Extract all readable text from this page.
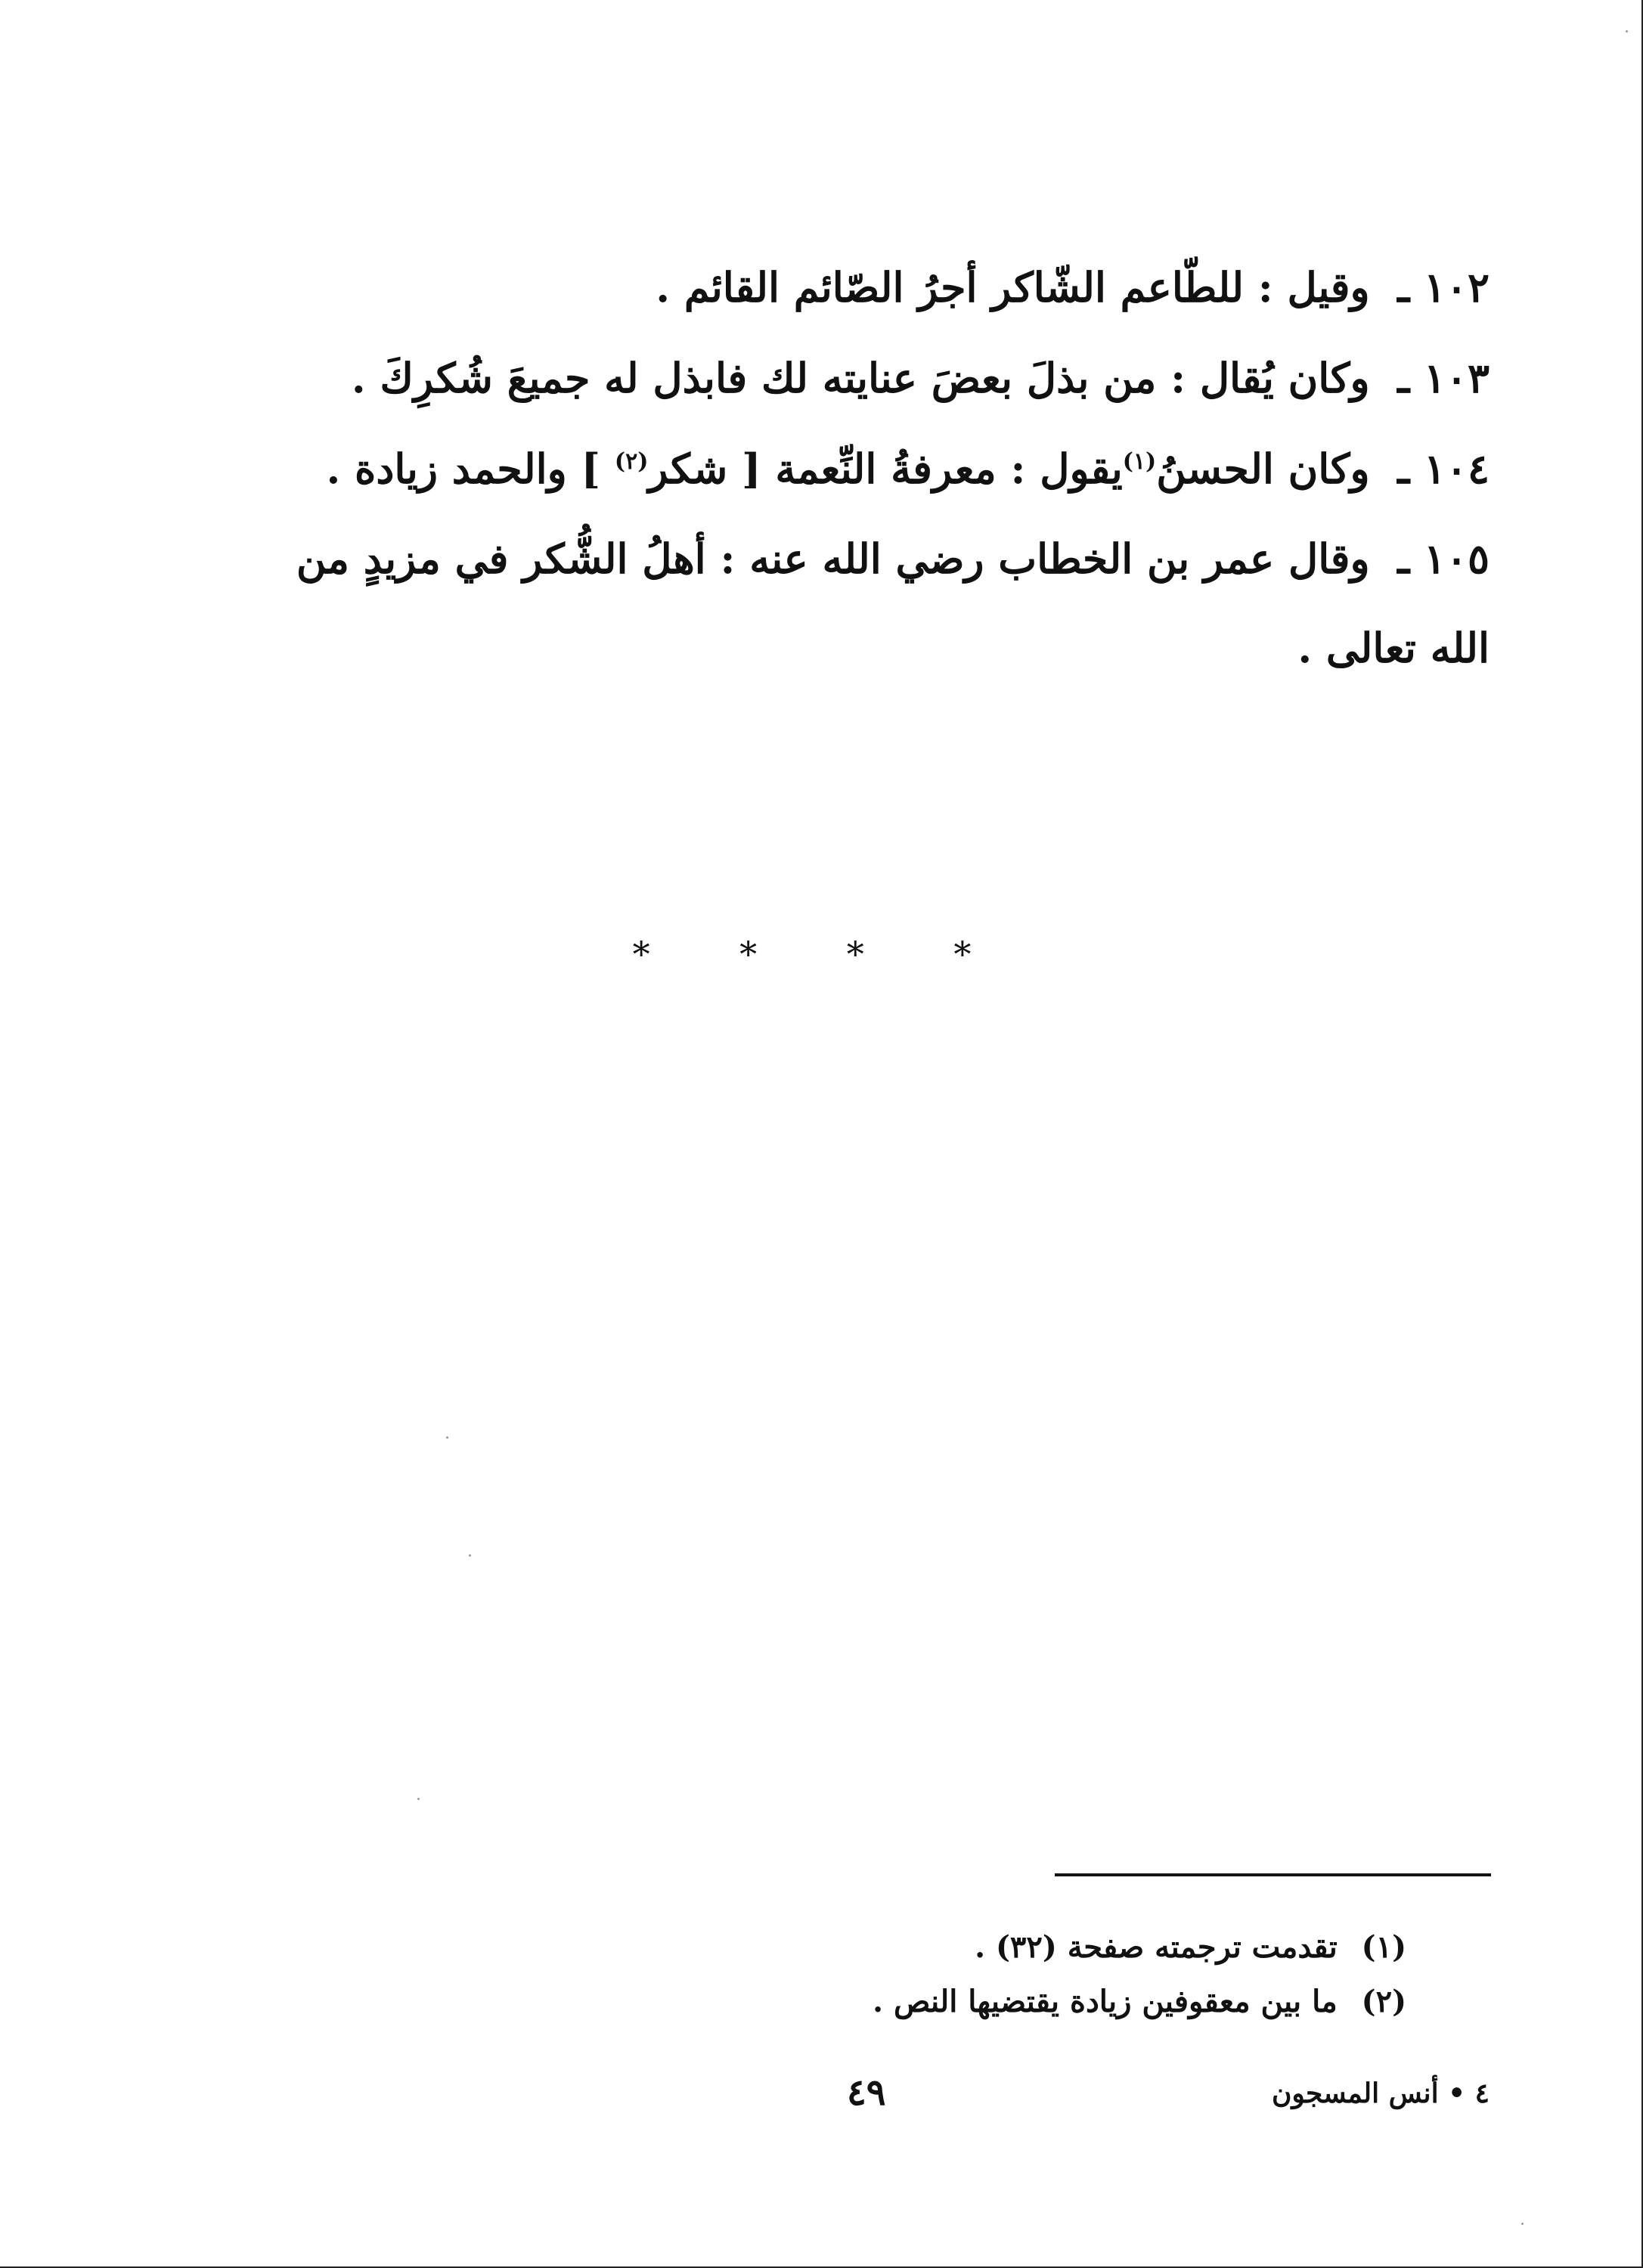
١٠٢ ـ وقيل : للطّاعم الشّاكر أجرُ الصّائم القائم .
١٠٣ ـ وكان يُقال : من بذلَ بعضَ عنايته لك فابذل له جميعَ شُكرِكَ .
١٠٤ ـ وكان الحسنُ$^{(١)}$يقول : معرفةُ النِّعمة [ شكر$^{(٢)}$ ] والحمد زيادة .
١٠٥ ـ وقال عمر بن الخطاب رضي الله عنه : أهلُ الشُّكر في مزيدٍ من الله تعالى .
* * * *
(١) تقدمت ترجمته صفحة (٣٢) .
(٢) ما بين معقوفين زيادة يقتضيها النص .
٤٩	٤ • أنس المسجون
